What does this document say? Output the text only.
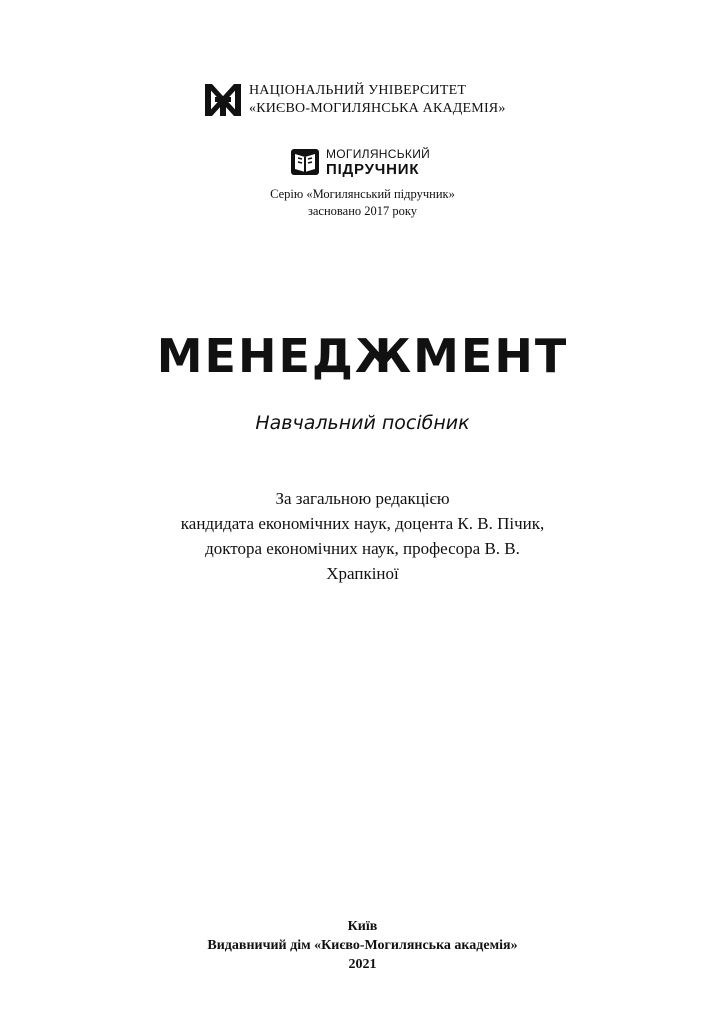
НАЦІОНАЛЬНИЙ УНІВЕРСИТЕТ
«КИЄВО-МОГИЛЯНСЬКА АКАДЕМІЯ»
МОГИЛЯНСЬКИЙ
ПІДРУЧНИК
Серію «Могилянський підручник»
засновано 2017 року
МЕНЕДЖМЕНТ
Навчальний посібник
За загальною редакцією
кандидата економічних наук, доцента К. В. Пічик,
доктора економічних наук, професора В. В.
Храпкіної
Київ
Видавничий дім «Києво-Могилянська академія»
2021
